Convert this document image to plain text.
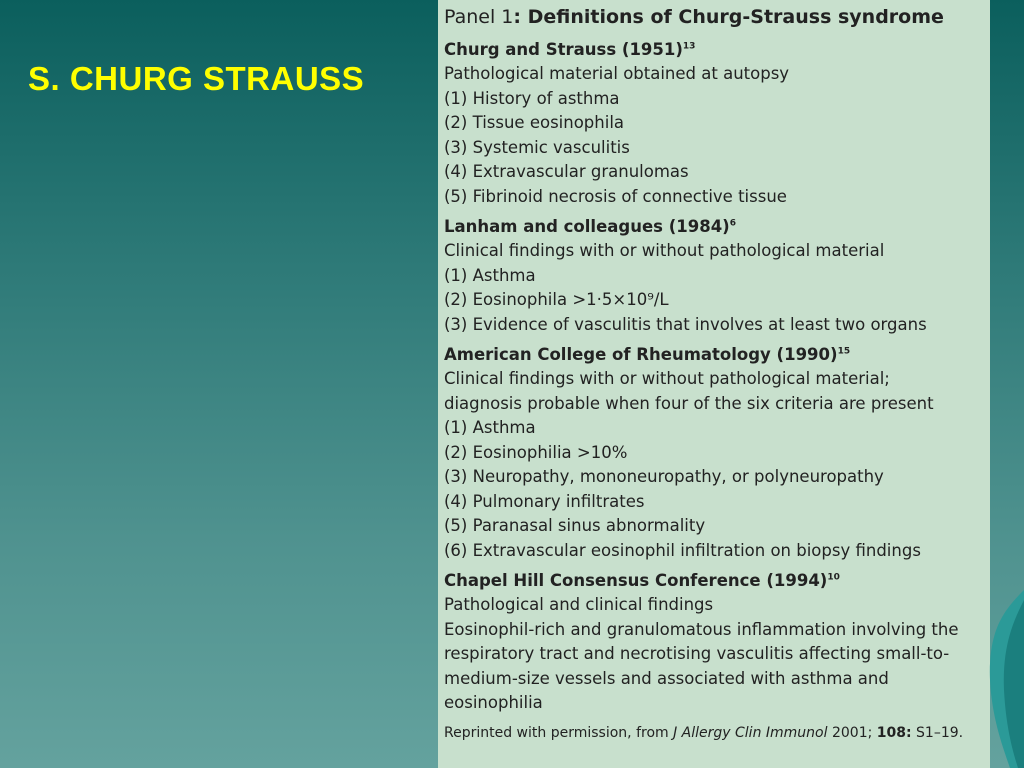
S. CHURG STRAUSS
Panel 1: Definitions of Churg-Strauss syndrome
Churg and Strauss $(1951)^{13}$
Pathological material obtained at autopsy
(1) History of asthma
(2) Tissue eosinophila
(3) Systemic vasculitis
(4) Extravascular granulomas
(5) Fibrinoid necrosis of connective tissue
Lanham and colleagues $(1984)^6$
Clinical findings with or without pathological material
(1) Asthma
(2) Eosinophila >1·5×10⁹/L
(3) Evidence of vasculitis that involves at least two organs
American College of Rheumatology $(1990)^{15}$
Clinical findings with or without pathological material;
diagnosis probable when four of the six criteria are present
(1) Asthma
(2) Eosinophilia >10%
(3) Neuropathy, mononeuropathy, or polyneuropathy
(4) Pulmonary infiltrates
(5) Paranasal sinus abnormality
(6) Extravascular eosinophil infiltration on biopsy findings
Chapel Hill Consensus Conference $(1994)^{10}$
Pathological and clinical findings
Eosinophil-rich and granulomatous inflammation involving the
respiratory tract and necrotising vasculitis affecting small-to-
medium-size vessels and associated with asthma and
eosinophilia
Reprinted with permission, from J Allergy Clin Immunol 2001; 108: S1–19.
